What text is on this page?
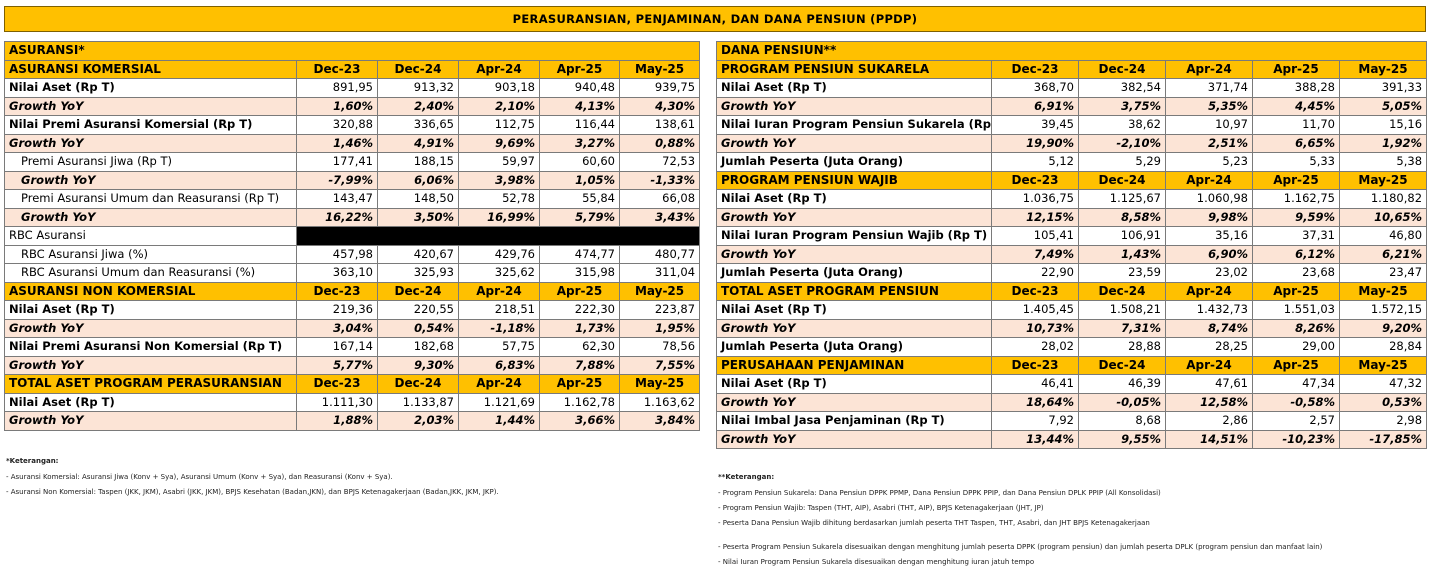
PERASURANSIAN, PENJAMINAN, DAN DANA PENSIUN (PPDP)
ASURANSI*					
ASURANSI KOMERSIAL	Dec-23	Dec-24	Apr-24	Apr-25	May-25
Nilai Aset (Rp T)	891,95	913,32	903,18	940,48	939,75
Growth YoY	1,60%	2,40%	2,10%	4,13%	4,30%
Nilai Premi Asuransi Komersial (Rp T)	320,88	336,65	112,75	116,44	138,61
Growth YoY	1,46%	4,91%	9,69%	3,27%	0,88%
Premi Asuransi Jiwa (Rp T)	177,41	188,15	59,97	60,60	72,53
Growth YoY	-7,99%	6,06%	3,98%	1,05%	-1,33%
Premi Asuransi Umum dan Reasuransi (Rp T)	143,47	148,50	52,78	55,84	66,08
Growth YoY	16,22%	3,50%	16,99%	5,79%	3,43%
RBC Asuransi					
RBC Asuransi Jiwa (%)	457,98	420,67	429,76	474,77	480,77
RBC Asuransi Umum dan Reasuransi (%)	363,10	325,93	325,62	315,98	311,04
ASURANSI NON KOMERSIAL	Dec-23	Dec-24	Apr-24	Apr-25	May-25
Nilai Aset (Rp T)	219,36	220,55	218,51	222,30	223,87
Growth YoY	3,04%	0,54%	-1,18%	1,73%	1,95%
Nilai Premi Asuransi Non Komersial (Rp T)	167,14	182,68	57,75	62,30	78,56
Growth YoY	5,77%	9,30%	6,83%	7,88%	7,55%
TOTAL ASET PROGRAM PERASURANSIAN	Dec-23	Dec-24	Apr-24	Apr-25	May-25
Nilai Aset (Rp T)	1.111,30	1.133,87	1.121,69	1.162,78	1.163,62
Growth YoY	1,88%	2,03%	1,44%	3,66%	3,84%
DANA PENSIUN**					
PROGRAM PENSIUN SUKARELA	Dec-23	Dec-24	Apr-24	Apr-25	May-25
Nilai Aset (Rp T)	368,70	382,54	371,74	388,28	391,33
Growth YoY	6,91%	3,75%	5,35%	4,45%	5,05%
Nilai Iuran Program Pensiun Sukarela (Rp	39,45	38,62	10,97	11,70	15,16
Growth YoY	19,90%	-2,10%	2,51%	6,65%	1,92%
Jumlah Peserta (Juta Orang)	5,12	5,29	5,23	5,33	5,38
PROGRAM PENSIUN WAJIB	Dec-23	Dec-24	Apr-24	Apr-25	May-25
Nilai Aset (Rp T)	1.036,75	1.125,67	1.060,98	1.162,75	1.180,82
Growth YoY	12,15%	8,58%	9,98%	9,59%	10,65%
Nilai Iuran Program Pensiun Wajib (Rp T)	105,41	106,91	35,16	37,31	46,80
Growth YoY	7,49%	1,43%	6,90%	6,12%	6,21%
Jumlah Peserta (Juta Orang)	22,90	23,59	23,02	23,68	23,47
TOTAL ASET PROGRAM PENSIUN	Dec-23	Dec-24	Apr-24	Apr-25	May-25
Nilai Aset (Rp T)	1.405,45	1.508,21	1.432,73	1.551,03	1.572,15
Growth YoY	10,73%	7,31%	8,74%	8,26%	9,20%
Jumlah Peserta (Juta Orang)	28,02	28,88	28,25	29,00	28,84
PERUSAHAAN PENJAMINAN	Dec-23	Dec-24	Apr-24	Apr-25	May-25
Nilai Aset (Rp T)	46,41	46,39	47,61	47,34	47,32
Growth YoY	18,64%	-0,05%	12,58%	-0,58%	0,53%
Nilai Imbal Jasa Penjaminan (Rp T)	7,92	8,68	2,86	2,57	2,98
Growth YoY	13,44%	9,55%	14,51%	-10,23%	-17,85%
*Keterangan:
- Asuransi Komersial: Asuransi Jiwa (Konv + Sya), Asuransi Umum (Konv + Sya), dan Reasuransi (Konv + Sya).
- Asuransi Non Komersial: Taspen (JKK, JKM), Asabri (JKK, JKM), BPJS Kesehatan (Badan,JKN), dan BPJS Ketenagakerjaan (Badan,JKK, JKM, JKP).
**Keterangan:
- Program Pensiun Sukarela: Dana Pensiun DPPK PPMP, Dana Pensiun DPPK PPIP, dan Dana Pensiun DPLK PPIP (All Konsolidasi)
- Program Pensiun Wajib: Taspen (THT, AIP), Asabri (THT, AIP), BPJS Ketenagakerjaan (JHT, JP)
- Peserta Dana Pensiun Wajib dihitung berdasarkan jumlah peserta THT Taspen, THT, Asabri, dan JHT BPJS Ketenagakerjaan
- Peserta Program Pensiun Sukarela disesuaikan dengan menghitung jumlah peserta DPPK (program pensiun) dan jumlah peserta DPLK (program pensiun dan manfaat lain)
- Nilai Iuran Program Pensiun Sukarela disesuaikan dengan menghitung iuran jatuh tempo
